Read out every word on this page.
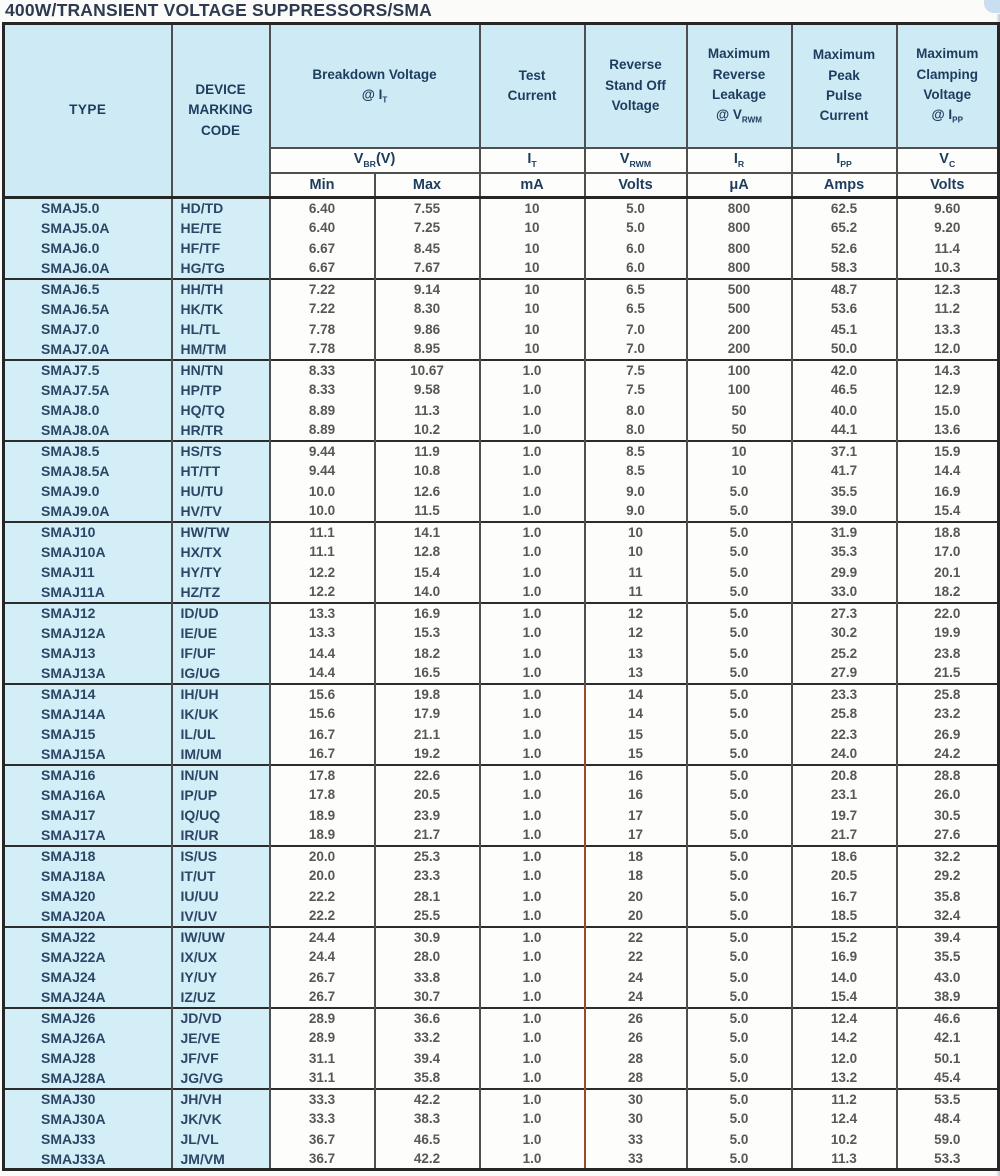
400W/TRANSIENT VOLTAGE SUPPRESSORS/SMA
TYPE

DEVICE
MARKING
CODE

Breakdown Voltage
@ $I_T$

Test
Current

Reverse
Stand Off
Voltage

Maximum
Reverse
Leakage
@ $V_{RWM}$

Maximum
Peak
Pulse
Current

Maximum
Clamping
Voltage
@ $I_{PP}$

		$V_{BR}(V)$		$I_T$	$V_{RWM}$	$I_R$	$I_{PP}$	$V_C$
		Min	Max	mA	Volts	μA	Amps	Volts
SMAJ5.0	HD/TD	6.40	7.55	10	5.0	800	62.5	9.60
SMAJ5.0A	HE/TE	6.40	7.25	10	5.0	800	65.2	9.20
SMAJ6.0	HF/TF	6.67	8.45	10	6.0	800	52.6	11.4
SMAJ6.0A	HG/TG	6.67	7.67	10	6.0	800	58.3	10.3
SMAJ6.5	HH/TH	7.22	9.14	10	6.5	500	48.7	12.3
SMAJ6.5A	HK/TK	7.22	8.30	10	6.5	500	53.6	11.2
SMAJ7.0	HL/TL	7.78	9.86	10	7.0	200	45.1	13.3
SMAJ7.0A	HM/TM	7.78	8.95	10	7.0	200	50.0	12.0
SMAJ7.5	HN/TN	8.33	10.67	1.0	7.5	100	42.0	14.3
SMAJ7.5A	HP/TP	8.33	9.58	1.0	7.5	100	46.5	12.9
SMAJ8.0	HQ/TQ	8.89	11.3	1.0	8.0	50	40.0	15.0
SMAJ8.0A	HR/TR	8.89	10.2	1.0	8.0	50	44.1	13.6
SMAJ8.5	HS/TS	9.44	11.9	1.0	8.5	10	37.1	15.9
SMAJ8.5A	HT/TT	9.44	10.8	1.0	8.5	10	41.7	14.4
SMAJ9.0	HU/TU	10.0	12.6	1.0	9.0	5.0	35.5	16.9
SMAJ9.0A	HV/TV	10.0	11.5	1.0	9.0	5.0	39.0	15.4
SMAJ10	HW/TW	11.1	14.1	1.0	10	5.0	31.9	18.8
SMAJ10A	HX/TX	11.1	12.8	1.0	10	5.0	35.3	17.0
SMAJ11	HY/TY	12.2	15.4	1.0	11	5.0	29.9	20.1
SMAJ11A	HZ/TZ	12.2	14.0	1.0	11	5.0	33.0	18.2
SMAJ12	ID/UD	13.3	16.9	1.0	12	5.0	27.3	22.0
SMAJ12A	IE/UE	13.3	15.3	1.0	12	5.0	30.2	19.9
SMAJ13	IF/UF	14.4	18.2	1.0	13	5.0	25.2	23.8
SMAJ13A	IG/UG	14.4	16.5	1.0	13	5.0	27.9	21.5
SMAJ14	IH/UH	15.6	19.8	1.0	14	5.0	23.3	25.8
SMAJ14A	IK/UK	15.6	17.9	1.0	14	5.0	25.8	23.2
SMAJ15	IL/UL	16.7	21.1	1.0	15	5.0	22.3	26.9
SMAJ15A	IM/UM	16.7	19.2	1.0	15	5.0	24.0	24.2
SMAJ16	IN/UN	17.8	22.6	1.0	16	5.0	20.8	28.8
SMAJ16A	IP/UP	17.8	20.5	1.0	16	5.0	23.1	26.0
SMAJ17	IQ/UQ	18.9	23.9	1.0	17	5.0	19.7	30.5
SMAJ17A	IR/UR	18.9	21.7	1.0	17	5.0	21.7	27.6
SMAJ18	IS/US	20.0	25.3	1.0	18	5.0	18.6	32.2
SMAJ18A	IT/UT	20.0	23.3	1.0	18	5.0	20.5	29.2
SMAJ20	IU/UU	22.2	28.1	1.0	20	5.0	16.7	35.8
SMAJ20A	IV/UV	22.2	25.5	1.0	20	5.0	18.5	32.4
SMAJ22	IW/UW	24.4	30.9	1.0	22	5.0	15.2	39.4
SMAJ22A	IX/UX	24.4	28.0	1.0	22	5.0	16.9	35.5
SMAJ24	IY/UY	26.7	33.8	1.0	24	5.0	14.0	43.0
SMAJ24A	IZ/UZ	26.7	30.7	1.0	24	5.0	15.4	38.9
SMAJ26	JD/VD	28.9	36.6	1.0	26	5.0	12.4	46.6
SMAJ26A	JE/VE	28.9	33.2	1.0	26	5.0	14.2	42.1
SMAJ28	JF/VF	31.1	39.4	1.0	28	5.0	12.0	50.1
SMAJ28A	JG/VG	31.1	35.8	1.0	28	5.0	13.2	45.4
SMAJ30	JH/VH	33.3	42.2	1.0	30	5.0	11.2	53.5
SMAJ30A	JK/VK	33.3	38.3	1.0	30	5.0	12.4	48.4
SMAJ33	JL/VL	36.7	46.5	1.0	33	5.0	10.2	59.0
SMAJ33A	JM/VM	36.7	42.2	1.0	33	5.0	11.3	53.3
